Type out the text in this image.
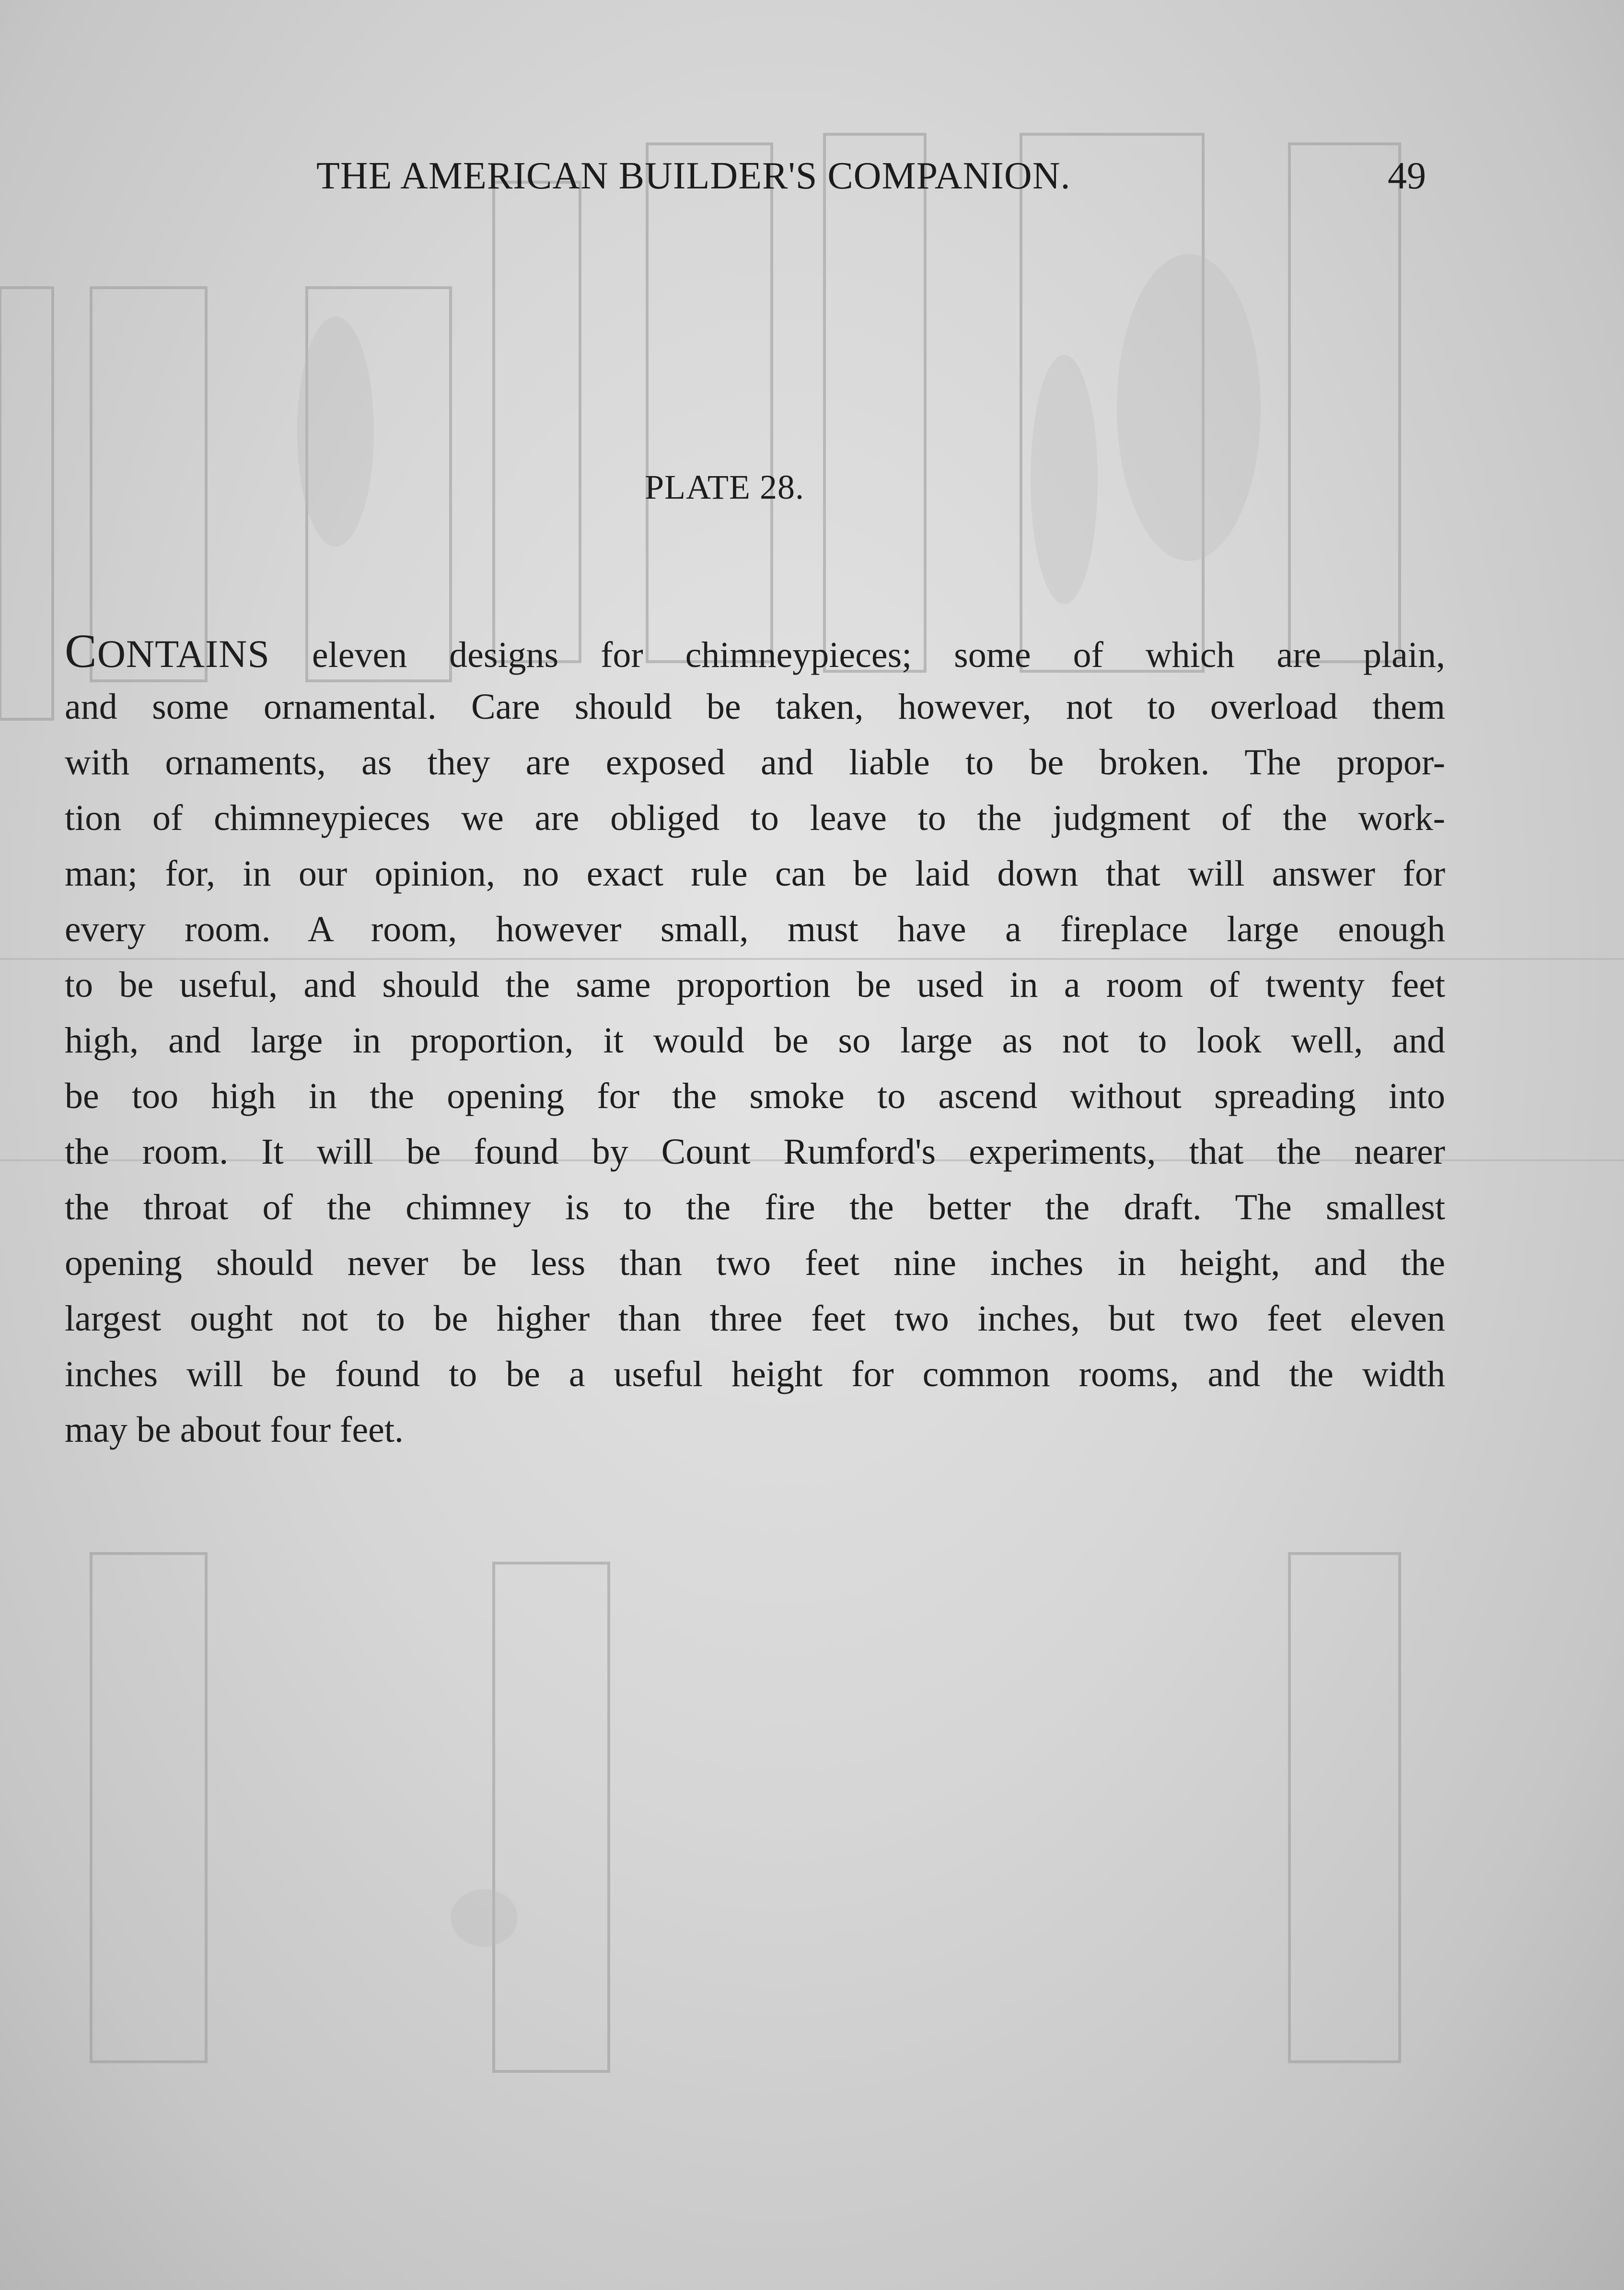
THE AMERICAN BUILDER'S COMPANION.	49
PLATE 28.
CONTAINS eleven designs for chimneypieces; some of which are plain,
and some ornamental. Care should be taken, however, not to overload them
with ornaments, as they are exposed and liable to be broken. The propor-
tion of chimneypieces we are obliged to leave to the judgment of the work-
man; for, in our opinion, no exact rule can be laid down that will answer for
every room. A room, however small, must have a fireplace large enough
to be useful, and should the same proportion be used in a room of twenty feet
high, and large in proportion, it would be so large as not to look well, and
be too high in the opening for the smoke to ascend without spreading into
the room. It will be found by Count Rumford's experiments, that the nearer
the throat of the chimney is to the fire the better the draft. The smallest
opening should never be less than two feet nine inches in height, and the
largest ought not to be higher than three feet two inches, but two feet eleven
inches will be found to be a useful height for common rooms, and the width
may be about four feet.
